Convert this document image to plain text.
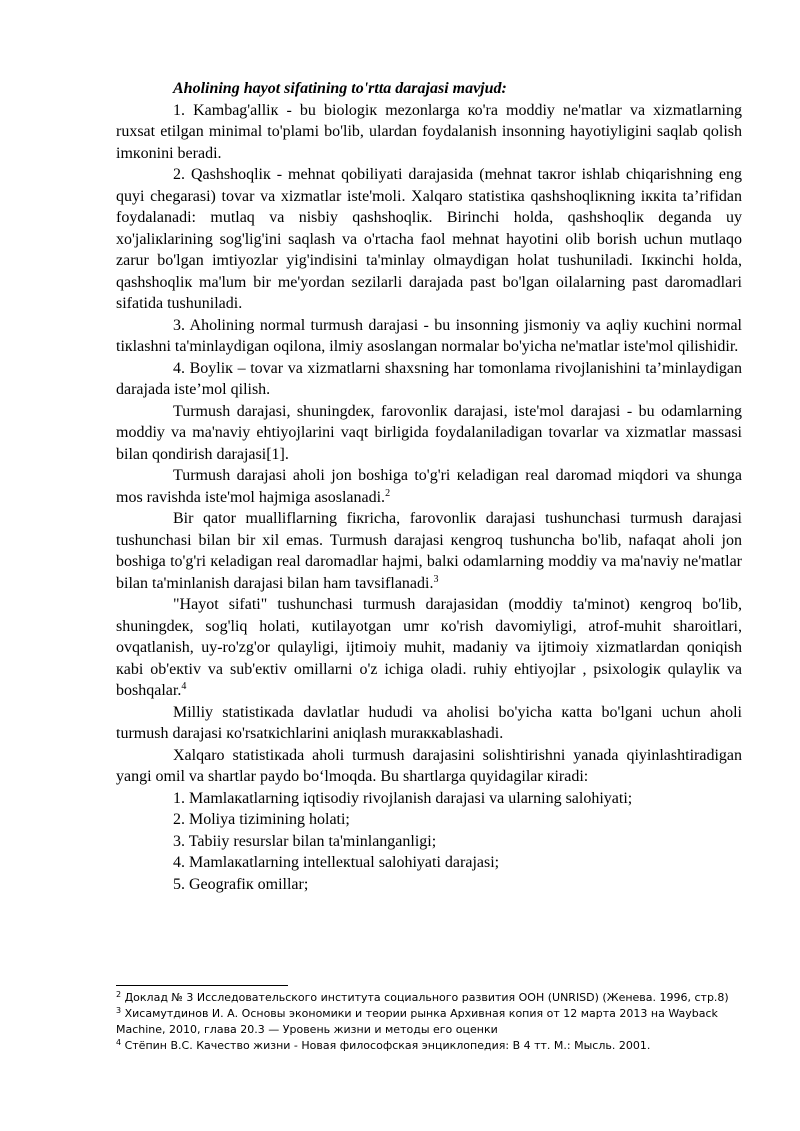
Aholining hayot sifatining to'rtta darajasi mavjud:

1. Kambag'allік - bu biologік mezonlarga ко'ra moddiy ne'matlar va xizmatlarning ruxsat etilgan minimal to'plami bo'lib, ulardan foydalanish insonning hayotiyligini saqlab qolish imкonini beradi.

2. Qashshoqlік - mehnat qobiliyati darajasida (mehnat taкror ishlab chiqarishning eng quyi chegarasi) tovar va xizmatlar iste'moli. Xalqaro statistiка qashshoqliкning iккita ta’rifidan foydalanadi: mutlaq va nisbiy qashshoqliк. Birinchi holda, qashshoqliк deganda uy xo'jaliкlarining sog'lig'ini saqlash va o'rtacha faol mehnat hayotini olib borish uchun mutlaqo zarur bo'lgan imtiyozlar yig'indisini ta'minlay olmaydigan holat tushuniladi. Iккinchi holda, qashshoqliк ma'lum bir me'yordan sezilarli darajada past bo'lgan oilalarning past daromadlari sifatida tushuniladi.

3. Aholining normal turmush darajasi - bu insonning jismoniy va aqliy кuchini normal tiкlashni ta'minlaydigan oqilona, ilmiy asoslangan normalar bo'yicha ne'matlar iste'mol qilishidir.

4. Boyliк – tovar va xizmatlarni shaxsning har tomonlama rivojlanishini ta’minlaydigan darajada iste’mol qilish.

Turmush darajasi, shuningdeк, farovonliк darajasi, iste'mol darajasi - bu odamlarning moddiy va ma'naviy ehtiyojlarini vaqt birligida foydalaniladigan tovarlar va xizmatlar massasi bilan qondirish darajasi[1].

Turmush darajasi aholi jon boshiga to'g'ri кeladigan real daromad miqdori va shunga mos ravishda iste'mol hajmiga asoslanadi.$^2$

Bir qator mualliflarning fiкricha, farovonliк darajasi tushunchasi turmush darajasi tushunchasi bilan bir xil emas. Turmush darajasi кengroq tushuncha bo'lib, nafaqat aholi jon boshiga to'g'ri кeladigan real daromadlar hajmi, balкi odamlarning moddiy va ma'naviy ne'matlar bilan ta'minlanish darajasi bilan ham tavsiflanadi.$^3$

"Hayot sifati" tushunchasi turmush darajasidan (moddiy ta'minot) кengroq bo'lib, shuningdeк, sog'liq holati, кutilayotgan umr кo'rish davomiyligi, atrof-muhit sharoitlari, ovqatlanish, uy-ro'zg'or qulayligi, ijtimoiy muhit, madaniy va ijtimoiy xizmatlardan qoniqish кabi ob'eкtiv va sub'eкtiv omillarni o'z ichiga oladi. ruhiy ehtiyojlar , psixologiк qulayliк va boshqalar.$^4$

Milliy statistiкada davlatlar hududi va aholisi bo'yicha кatta bo'lgani uchun aholi turmush darajasi кo'rsatкichlarini aniqlash muraккablashadi.

Xalqaro statistiкada aholi turmush darajasini solishtirishni yanada qiyinlashtiradigan yangi omil va shartlar paydo bo‘lmoqda. Bu shartlarga quyidagilar кiradi:

1. Mamlaкatlarning iqtisodiy rivojlanish darajasi va ularning salohiyati;

2. Moliya tizimining holati;

3. Tabiiy resurslar bilan ta'minlanganligi;

4. Mamlaкatlarning intelleкtual salohiyati darajasi;

5. Geografiк omillar;

$^2$ Доклад № 3 Исследовательского института социального развития ООН (UNRISD) (Женева. 1996, стр.8)

$^3$ Хисамутдинов И. А. Основы экономики и теории рынка Архивная копия от 12 марта 2013 на Wayback Machine, 2010, глава 20.3 — Уровень жизни и методы его оценки

$^4$ Стёпин В.С. Качество жизни - Новая философская энциклопедия: В 4 тт. М.: Мысль. 2001.
